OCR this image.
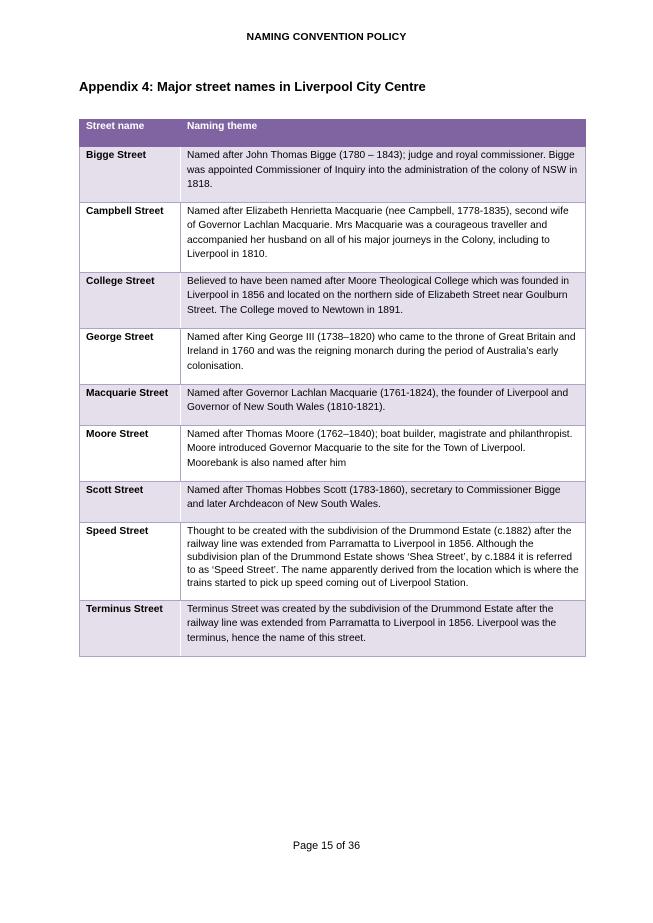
NAMING CONVENTION POLICY
Appendix 4: Major street names in Liverpool City Centre
Street name	Naming theme
Bigge Street	Named after John Thomas Bigge (1780 – 1843); judge and royal commissioner. Bigge was appointed Commissioner of Inquiry into the administration of the colony of NSW in 1818.
Campbell Street	Named after Elizabeth Henrietta Macquarie (nee Campbell, 1778-1835), second wife of Governor Lachlan Macquarie. Mrs Macquarie was a courageous traveller and accompanied her husband on all of his major journeys in the Colony, including to Liverpool in 1810.
College Street	Believed to have been named after Moore Theological College which was founded in Liverpool in 1856 and located on the northern side of Elizabeth Street near Goulburn Street. The College moved to Newtown in 1891.
George Street	Named after King George III (1738–1820) who came to the throne of Great Britain and Ireland in 1760 and was the reigning monarch during the period of Australia’s early colonisation.
Macquarie Street	Named after Governor Lachlan Macquarie (1761-1824), the founder of Liverpool and Governor of New South Wales (1810-1821).
Moore Street	Named after Thomas Moore (1762–1840); boat builder, magistrate and philanthropist. Moore introduced Governor Macquarie to the site for the Town of Liverpool. Moorebank is also named after him
Scott Street	Named after Thomas Hobbes Scott (1783-1860), secretary to Commissioner Bigge and later Archdeacon of New South Wales.
Speed Street	Thought to be created with the subdivision of the Drummond Estate (c.1882) after the railway line was extended from Parramatta to Liverpool in 1856. Although the subdivision plan of the Drummond Estate shows ‘Shea Street’, by c.1884 it is referred to as ‘Speed Street’. The name apparently derived from the location which is where the trains started to pick up speed coming out of Liverpool Station.
Terminus Street	Terminus Street was created by the subdivision of the Drummond Estate after the railway line was extended from Parramatta to Liverpool in 1856. Liverpool was the terminus, hence the name of this street.
Page 15 of 36
